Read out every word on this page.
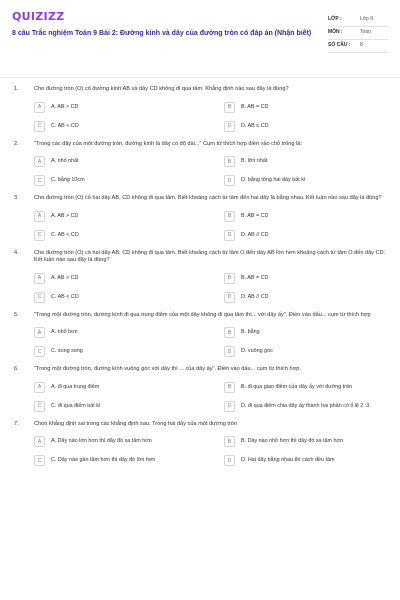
QUIZIZZ
8 câu Trắc nghiệm Toán 9 Bài 2: Đường kính và dây của đường tròn có đáp án (Nhận biết)
LỚP :	Lớp 9
MÔN :	Toán
SỐ CÂU :	8
1.	Cho đường tròn (O) có đường kính AB và dây CD không đi qua tâm. Khẳng định nào sau đây là đúng?
A	A. AB > CD	B	B. AB = CD
C	C. AB < CD	D	D. AB ≤ CD
2.	"Trong các dây của một đường tròn, đường kính là dây có độ dài..." Cụm từ thích hợp điền vào chỗ trống là:
A	A. nhỏ nhất	B	B. lớn nhất
C	C. bằng 10cm	D	D. bằng tổng hai dây bất kì
3.	Cho đường tròn (O) có hai dây AB, CD không đi qua tâm. Biết khoảng cách từ tâm đến hai dây là bằng nhau. Kết luận nào sau đây là đúng?
A	A. AB > CD	B	B. AB = CD
C	C. AB < CD	D	D. AB // CD
4.	Cho đường tròn (O) có hai dây AB, CD không đi qua tâm. Biết khoảng cách từ tâm O đến dây AB lớn hơn khoảng cách từ tâm O đến dây CD. Kết luận nào sau đây là đúng?
A	A. AB > CD	B	B. AB = CD
C	C. AB < CD	D	D. AB // CD
5.	"Trong một đường tròn, đường kính đi qua trung điểm của một dây không đi qua tâm thì... với dây ấy". Điền vào dấu... cụm từ thích hợp
A	A. nhỏ hơn	B	B. bằng
C	C. song song	D	D. vuông góc
6.	"Trong một đường tròn, đường kính vuông góc với dây thì ... của dây ấy". Điền vào dấu... cụm từ thích hợp
A	A. đi qua trung điểm	B	B. đi qua giao điểm của dây ấy với đường tròn
C	C. đi qua điểm bất kì	D	D. đi qua điểm chia dây ấy thành hai phần có tỉ lệ 2 :3
7.	Chọn khẳng định sai trong các khẳng định sau. Trong hai dây của một đường tròn
A	A. Dây nào lớn hơn thì dây đó xa tâm hơn	B	B. Dây nào nhỏ hơn thì dây đó xa tâm hơn
C	C. Dây nào gần tâm hơn thì dây đó lớn hơn	D	D. Hai dây bằng nhau thì cách đều tâm
